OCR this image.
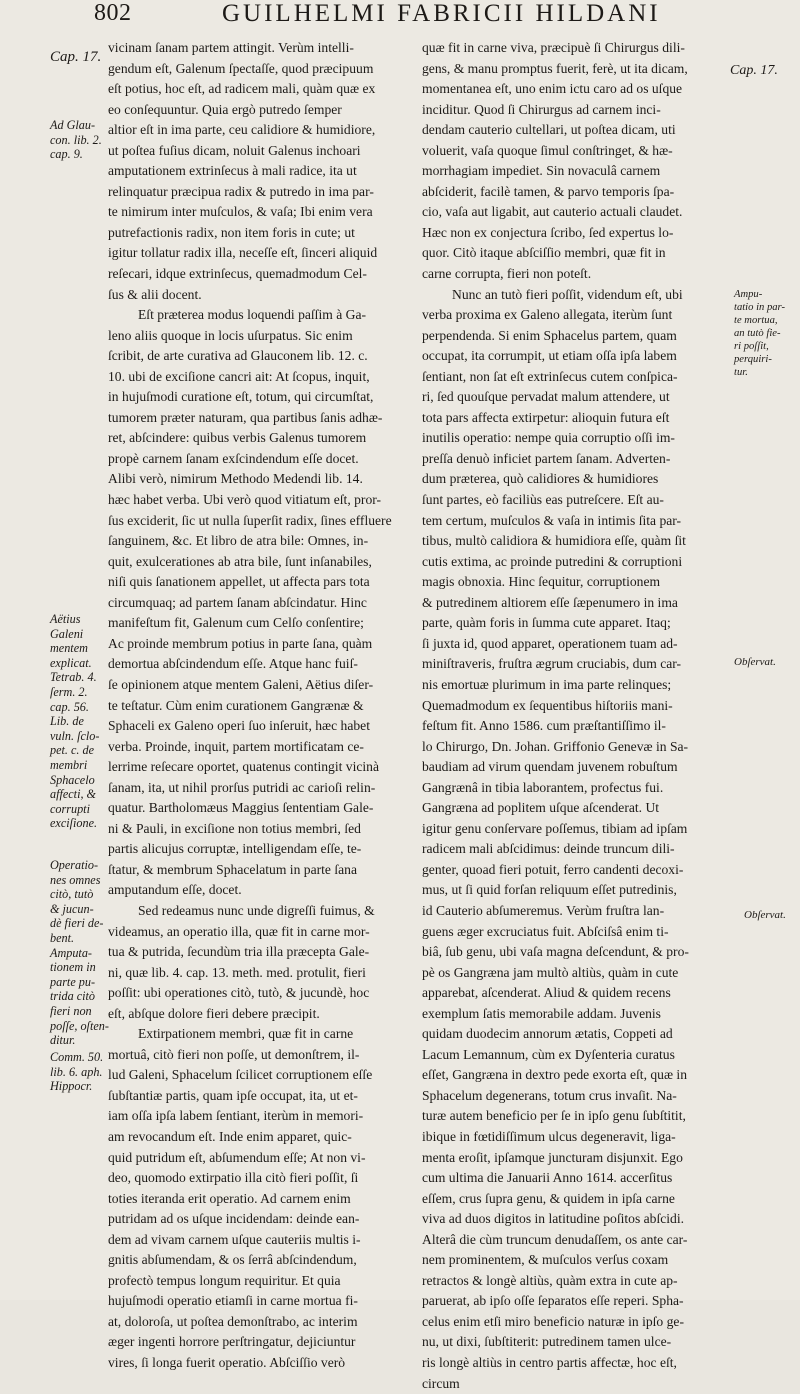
802	GUILHELMI FABRICII HILDANI
vicinam ſanam partem attingit. Verùm intelli-
gendum eſt, Galenum ſpectaſſe, quod præcipuum
eſt potius, hoc eſt, ad radicem mali, quàm quæ ex
eo conſequuntur. Quia ergò putredo ſemper
altior eſt in ima parte, ceu calidiore & humidiore,
ut poſtea fuſius dicam, noluit Galenus inchoari
amputationem extrinſecus à mali radice, ita ut
relinquatur præcipua radix & putredo in ima par-
te nimirum inter muſculos, & vaſa; Ibi enim vera
putrefactionis radix, non item foris in cute; ut
igitur tollatur radix illa, neceſſe eſt, ſinceri aliquid
reſecari, idque extrinſecus, quemadmodum Cel-
ſus & alii docent.
Eſt præterea modus loquendi paſſim à Ga-
leno aliis quoque in locis uſurpatus. Sic enim
ſcribit, de arte curativa ad Glauconem lib. 12. c.
10. ubi de exciſione cancri ait: At ſcopus, inquit,
in hujuſmodi curatione eſt, totum, qui circumſtat,
tumorem præter naturam, qua partibus ſanis adhæ-
ret, abſcindere: quibus verbis Galenus tumorem
propè carnem ſanam exſcindendum eſſe docet.
Alibi verò, nimirum Methodo Medendi lib. 14.
hæc habet verba. Ubi verò quod vitiatum eſt, pror-
ſus exciderit, ſic ut nulla ſuperſit radix, ſines effluere
ſanguinem, &c. Et libro de atra bile: Omnes, in-
quit, exulcerationes ab atra bile, ſunt inſanabiles,
niſi quis ſanationem appellet, ut affecta pars tota
circumquaq; ad partem ſanam abſcindatur. Hinc
manifeſtum fit, Galenum cum Celſo conſentire;
Ac proinde membrum potius in parte ſana, quàm
demortua abſcindendum eſſe. Atque hanc fuiſ-
ſe opinionem atque mentem Galeni, Aëtius diſer-
te teſtatur. Cùm enim curationem Gangrænæ &
Sphaceli ex Galeno operi ſuo inſeruit, hæc habet
verba. Proinde, inquit, partem mortificatam ce-
lerrime reſecare oportet, quatenus contingit vicinà
ſanam, ita, ut nihil prorſus putridi ac carioſi relin-
quatur. Bartholomæus Maggius ſententiam Gale-
ni & Pauli, in exciſione non totius membri, ſed
partis alicujus corruptæ, intelligendam eſſe, te-
ſtatur, & membrum Sphacelatum in parte ſana
amputandum eſſe, docet.
Sed redeamus nunc unde digreſſi fuimus, &
videamus, an operatio illa, quæ fit in carne mor-
tua & putrida, ſecundùm tria illa præcepta Gale-
ni, quæ lib. 4. cap. 13. meth. med. protulit, fieri
poſſit: ubi operationes citò, tutò, & jucundè, hoc
eſt, abſque dolore fieri debere præcipit.
Extirpationem membri, quæ fit in carne
mortuâ, citò fieri non poſſe, ut demonſtrem, il-
lud Galeni, Sphacelum ſcilicet corruptionem eſſe
ſubſtantiæ partis, quam ipſe occupat, ita, ut et-
iam oſſa ipſa labem ſentiant, iterùm in memori-
am revocandum eſt. Inde enim apparet, quic-
quid putridum eſt, abſumendum eſſe; At non vi-
deo, quomodo extirpatio illa citò fieri poſſit, ſi
toties iteranda erit operatio. Ad carnem enim
putridam ad os uſque incidendam: deinde ean-
dem ad vivam carnem uſque cauteriis multis i-
gnitis abſumendam, & os ſerrâ abſcindendum,
profectò tempus longum requiritur. Et quia
hujuſmodi operatio etiamſi in carne mortua fi-
at, doloroſa, ut poſtea demonſtrabo, ac interim
æger ingenti horrore perſtringatur, dejiciuntur
vires, ſi longa fuerit operatio. Abſciſſio verò
quæ fit in carne viva, præcipuè ſi Chirurgus dili-
gens, & manu promptus fuerit, ferè, ut ita dicam,
momentanea eſt, uno enim ictu caro ad os uſque
inciditur. Quod ſi Chirurgus ad carnem inci-
dendam cauterio cultellari, ut poſtea dicam, uti
voluerit, vaſa quoque ſimul conſtringet, & hæ-
morrhagiam impediet. Sin novaculâ carnem
abſciderit, facilè tamen, & parvo temporis ſpa-
cio, vaſa aut ligabit, aut cauterio actuali claudet.
Hæc non ex conjectura ſcribo, ſed expertus lo-
quor. Citò itaque abſciſſio membri, quæ fit in
carne corrupta, fieri non poteſt.
Nunc an tutò fieri poſſit, videndum eſt, ubi
verba proxima ex Galeno allegata, iterùm ſunt
perpendenda. Si enim Sphacelus partem, quam
occupat, ita corrumpit, ut etiam oſſa ipſa labem
ſentiant, non ſat eſt extrinſecus cutem conſpica-
ri, ſed quouſque pervadat malum attendere, ut
tota pars affecta extirpetur: alioquin futura eſt
inutilis operatio: nempe quia corruptio oſſi im-
preſſa denuò inficiet partem ſanam. Adverten-
dum præterea, quò calidiores & humidiores
ſunt partes, eò faciliùs eas putreſcere. Eſt au-
tem certum, muſculos & vaſa in intimis ſita par-
tibus, multò calidiora & humidiora eſſe, quàm ſit
cutis extima, ac proinde putredini & corruptioni
magis obnoxia. Hinc ſequitur, corruptionem
& putredinem altiorem eſſe ſæpenumero in ima
parte, quàm foris in ſumma cute apparet. Itaq;
ſi juxta id, quod apparet, operationem tuam ad-
miniſtraveris, fruſtra ægrum cruciabis, dum car-
nis emortuæ plurimum in ima parte relinques;
Quemadmodum ex ſequentibus hiſtoriis mani-
feſtum fit. Anno 1586. cum præſtantiſſimo il-
lo Chirurgo, Dn. Johan. Griffonio Genevæ in Sa-
baudiam ad virum quendam juvenem robuſtum
Gangrænâ in tibia laborantem, profectus fui.
Gangræna ad poplitem uſque aſcenderat. Ut
igitur genu conſervare poſſemus, tibiam ad ipſam
radicem mali abſcidimus: deinde truncum dili-
genter, quoad fieri potuit, ferro candenti decoxi-
mus, ut ſi quid forſan reliquum eſſet putredinis,
id Cauterio abſumeremus. Verùm fruſtra lan-
guens æger excruciatus fuit. Abſciſsâ enim ti-
biâ, ſub genu, ubi vaſa magna deſcendunt, & pro-
pè os Gangræna jam multò altiùs, quàm in cute
apparebat, aſcenderat. Aliud & quidem recens
exemplum ſatis memorabile addam. Juvenis
quidam duodecim annorum ætatis, Coppeti ad
Lacum Lemannum, cùm ex Dyſenteria curatus
eſſet, Gangræna in dextro pede exorta eſt, quæ in
Sphacelum degenerans, totum crus invaſit. Na-
turæ autem beneficio per ſe in ipſo genu ſubſtitit,
ibique in fœtidiſſimum ulcus degeneravit, liga-
menta eroſit, ipſamque juncturam disjunxit. Ego
cum ultima die Januarii Anno 1614. accerſitus
eſſem, crus ſupra genu, & quidem in ipſa carne
viva ad duos digitos in latitudine poſitos abſcidi.
Alterâ die cùm truncum denudaſſem, os ante car-
nem prominentem, & muſculos verſus coxam
retractos & longè altiùs, quàm extra in cute ap-
paruerat, ab ipſo oſſe ſeparatos eſſe reperi. Spha-
celus enim etſi miro beneficio naturæ in ipſo ge-
nu, ut dixi, ſubſtiterit: putredinem tamen ulce-
ris longè altiùs in centro partis affectæ, hoc eſt,
circum
Cap. 17.
Cap. 17.
Ad Glau-
con. lib. 2.
cap. 9.
Ampu-
tatio in par-
te mortua,
an tutò fie-
ri poſſit,
perquiri-
tur.
Aëtius
Galeni
mentem
explicat.
Tetrab. 4.
ſerm. 2.
cap. 56.
Lib. de
vuln. ſclo-
pet. c. de
membri
Sphacelo
affecti, &
corrupti
exciſione.
Obſervat.
Operatio-
nes omnes
citò, tutò
& jucun-
dè fieri de-
bent.
Amputa-
tionem in
parte pu-
trida citò
fieri non
poſſe, oſten-
ditur.
Obſervat.
Comm. 50.
lib. 6. aph.
Hippocr.
